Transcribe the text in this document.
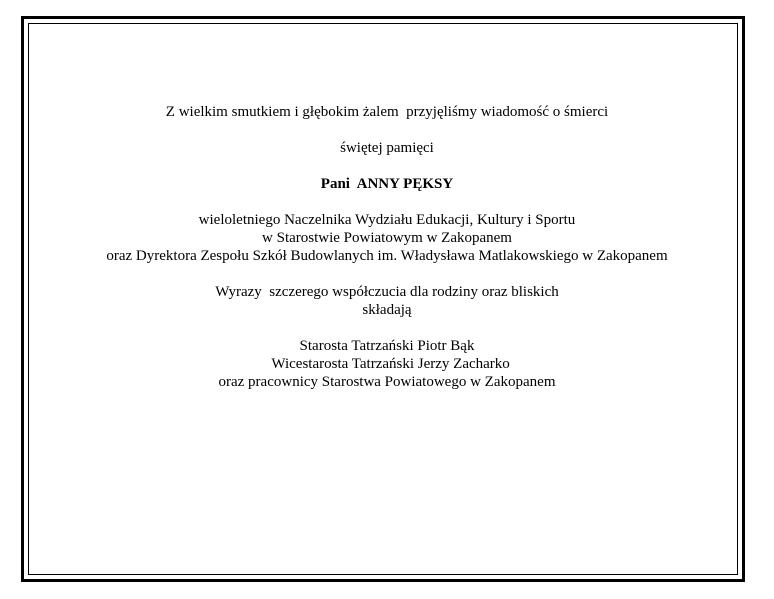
Z wielkim smutkiem i głębokim żalem  przyjęliśmy wiadomość o śmierci
świętej pamięci
Pani  ANNY PĘKSY
wieloletniego Naczelnika Wydziału Edukacji, Kultury i Sportu
w Starostwie Powiatowym w Zakopanem
oraz Dyrektora Zespołu Szkół Budowlanych im. Władysława Matlakowskiego w Zakopanem
Wyrazy  szczerego współczucia dla rodziny oraz bliskich
składają
Starosta Tatrzański Piotr Bąk
Wicestarosta Tatrzański Jerzy Zacharko
oraz pracownicy Starostwa Powiatowego w Zakopanem
